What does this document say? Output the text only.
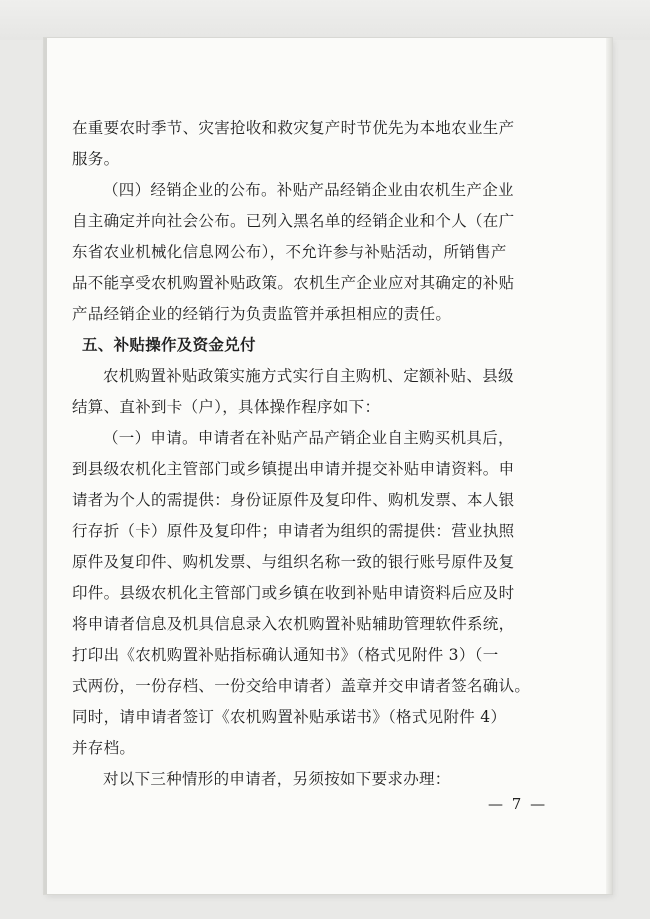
在重要农时季节、灾害抢收和救灾复产时节优先为本地农业生产
服务。
（四）经销企业的公布。补贴产品经销企业由农机生产企业
自主确定并向社会公布。已列入黑名单的经销企业和个人（在广
东省农业机械化信息网公布），不允许参与补贴活动，所销售产
品不能享受农机购置补贴政策。农机生产企业应对其确定的补贴
产品经销企业的经销行为负责监管并承担相应的责任。
五、补贴操作及资金兑付
农机购置补贴政策实施方式实行自主购机、定额补贴、县级
结算、直补到卡（户），具体操作程序如下：
（一）申请。申请者在补贴产品产销企业自主购买机具后，
到县级农机化主管部门或乡镇提出申请并提交补贴申请资料。申
请者为个人的需提供：身份证原件及复印件、购机发票、本人银
行存折（卡）原件及复印件；申请者为组织的需提供：营业执照
原件及复印件、购机发票、与组织名称一致的银行账号原件及复
印件。县级农机化主管部门或乡镇在收到补贴申请资料后应及时
将申请者信息及机具信息录入农机购置补贴辅助管理软件系统，
打印出《农机购置补贴指标确认通知书》（格式见附件 3）（一
式两份，一份存档、一份交给申请者）盖章并交申请者签名确认。
同时，请申请者签订《农机购置补贴承诺书》（格式见附件 4）
并存档。
对以下三种情形的申请者，另须按如下要求办理：
— 7 —
